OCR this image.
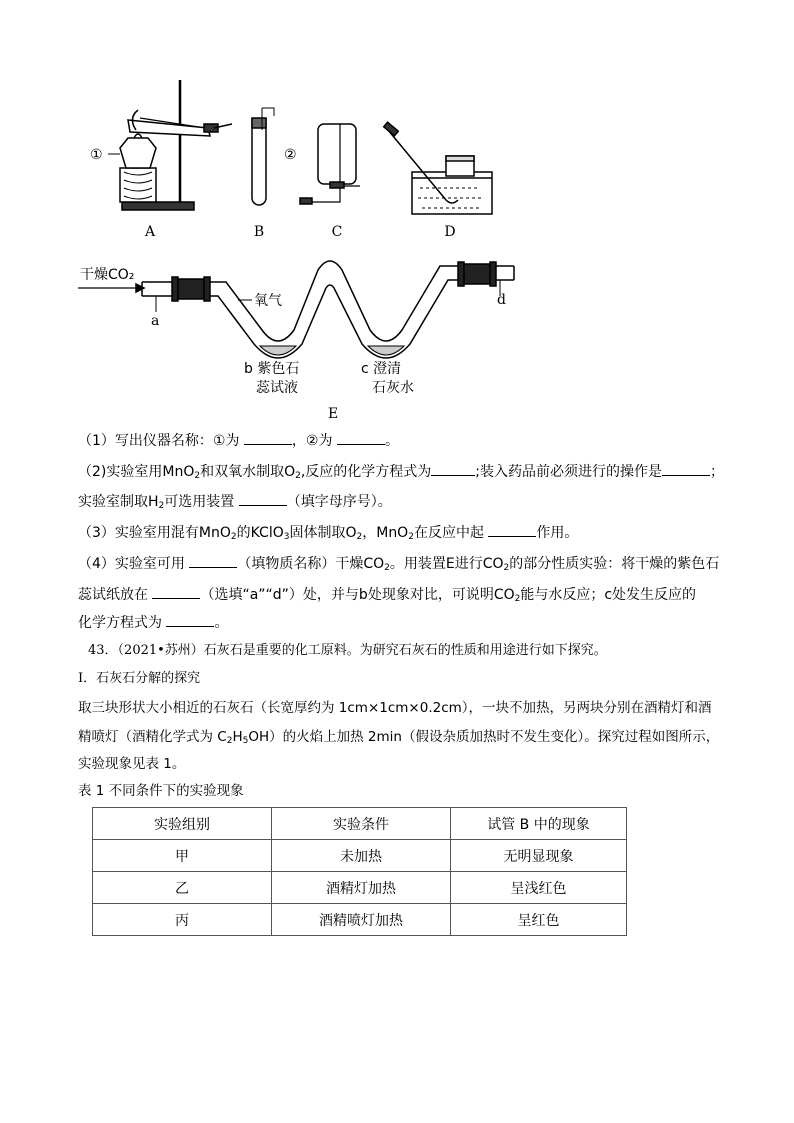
①	②
A	B	C	D
干燥CO₂
氧气
a
d
b 紫色石
蕊试液
c 澄清
石灰水
E
（1）写出仪器名称：①为	，②为	。
（2)实验室用MnO$_2$和双氧水制取$O_2$,反应的化学方程式为	;装入药品前必须进行的操作是	；
实验室制取$H_2$可选用装置	（填字母序号）。
（3）实验室用混有MnO$_2$的KClO$_3$固体制取$O_2$，MnO$_2$在反应中起	作用。
（4）实验室可用	（填物质名称）干燥$CO_2$。用装置E进行$CO_2$的部分性质实验：将干燥的紫色石
蕊试纸放在	（选填“a”“d”）处，并与b处现象对比，可说明$CO_2$能与水反应；c处发生反应的
化学方程式为	。
43．（2021•苏州）石灰石是重要的化工原料。为研究石灰石的性质和用途进行如下探究。
Ⅰ．石灰石分解的探究
取三块形状大小相近的石灰石（长宽厚约为 1cm×1cm×0.2cm），一块不加热，另两块分别在酒精灯和酒
精喷灯（酒精化学式为 $C_2H_5OH$）的火焰上加热 2min（假设杂质加热时不发生变化）。探究过程如图所示，
实验现象见表 1。
表 1 不同条件下的实验现象
实验组别	实验条件	试管 B 中的现象
甲	未加热	无明显现象
乙	酒精灯加热	呈浅红色
丙	酒精喷灯加热	呈红色
